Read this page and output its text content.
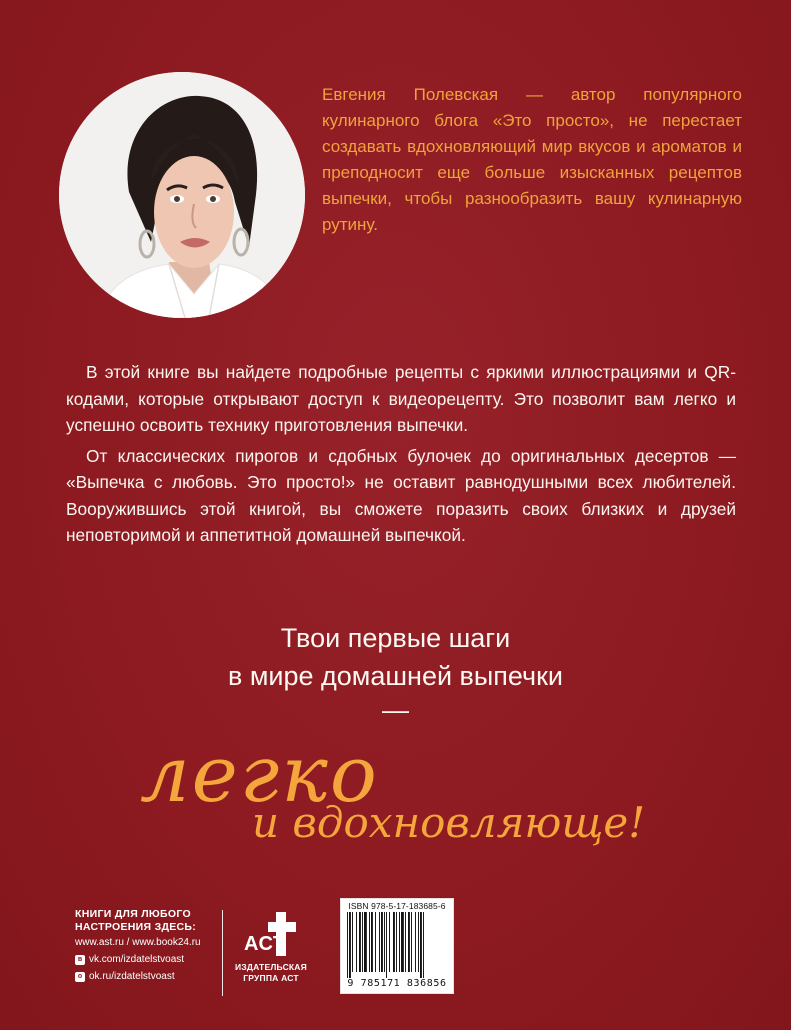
Евгения Полевская — автор популярного кулинарного блога «Это просто», не перестает создавать вдохновляющий мир вкусов и ароматов и преподносит еще больше изысканных рецептов выпечки, чтобы разнообразить вашу кулинарную рутину.

В этой книге вы найдете подробные рецепты с яркими иллюстрациями и QR-кодами, которые открывают доступ к видеорецепту. Это позволит вам легко и успешно освоить технику приготовления выпечки.

От классических пирогов и сдобных булочек до оригинальных десертов — «Выпечка с любовь. Это просто!» не оставит равнодушными всех любителей. Вооружившись этой книгой, вы сможете поразить своих близких и друзей неповторимой и аппетитной домашней выпечкой.

Твои первые шаги
в мире домашней выпечки
—
легко
и вдохновляюще!
КНИГИ ДЛЯ ЛЮБОГО
НАСТРОЕНИЯ ЗДЕСЬ:
www.ast.ru / www.book24.ru
в vk.com/izdatelstvoast
o ok.ru/izdatelstvoast
ACT
ИЗДАТЕЛЬСКАЯ
ГРУППА АСТ
ISBN 978-5-17-183685-6
9 785171 836856
